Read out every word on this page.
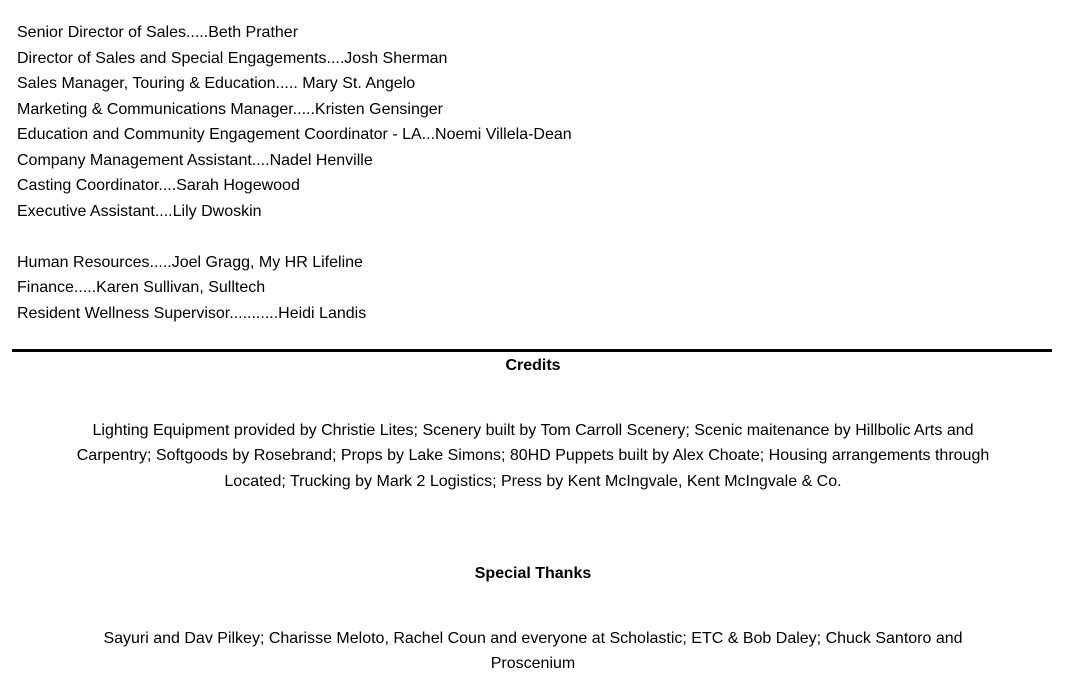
Senior Director of Sales.....Beth Prather
Director of Sales and Special Engagements....Josh Sherman
Sales Manager, Touring & Education..... Mary St. Angelo
Marketing & Communications Manager.....Kristen Gensinger
Education and Community Engagement Coordinator - LA...Noemi Villela-Dean
Company Management Assistant....Nadel Henville
Casting Coordinator....Sarah Hogewood
Executive Assistant....Lily Dwoskin
Human Resources.....Joel Gragg, My HR Lifeline
Finance.....Karen Sullivan, Sulltech
Resident Wellness Supervisor...........Heidi Landis
Credits
Lighting Equipment provided by Christie Lites; Scenery built by Tom Carroll Scenery; Scenic maitenance by Hillbolic Arts and
Carpentry; Softgoods by Rosebrand; Props by Lake Simons; 80HD Puppets built by Alex Choate; Housing arrangements through
Located; Trucking by Mark 2 Logistics; Press by Kent McIngvale, Kent McIngvale & Co.
Special Thanks
Sayuri and Dav Pilkey; Charisse Meloto, Rachel Coun and everyone at Scholastic; ETC & Bob Daley; Chuck Santoro and
Proscenium
